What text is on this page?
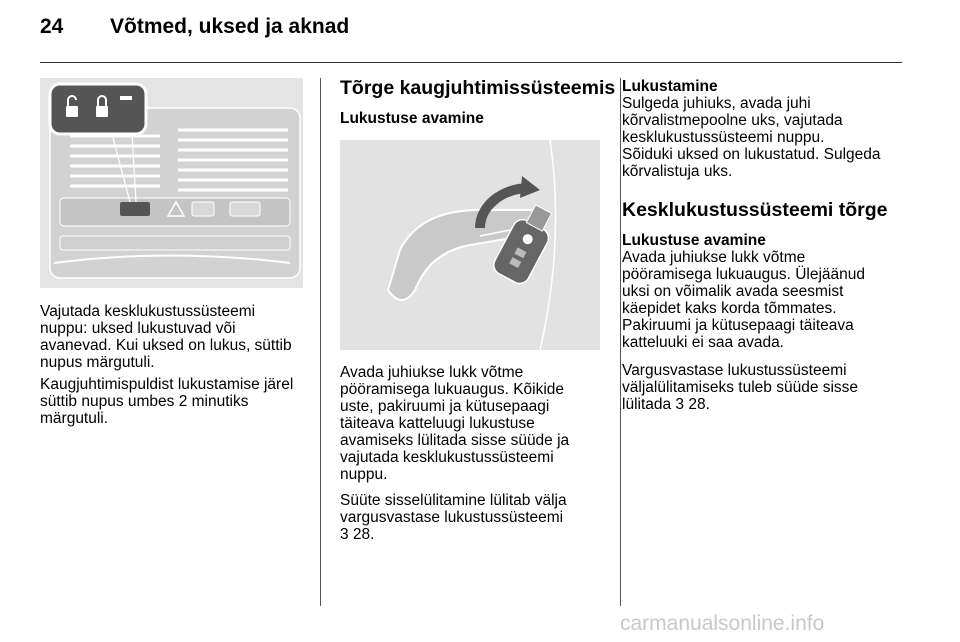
24 Võtmed, uksed ja aknad
Vajutada kesklukustussüsteemi
nuppu: uksed lukustuvad või
avanevad. Kui uksed on lukus, süttib
nupus märgutuli.
Kaugjuhtimispuldist lukustamise järel
süttib nupus umbes 2 minutiks
märgutuli.
Tõrge kaugjuhtimissüsteemis
Lukustuse avamine
Avada juhiukse lukk võtme
pööramisega lukuaugus. Kõikide
uste, pakiruumi ja kütusepaagi
täiteava katteluugi lukustuse
avamiseks lülitada sisse süüde ja
vajutada kesklukustussüsteemi
nuppu.
Süüte sisselülitamine lülitab välja
vargusvastase lukustussüsteemi
3 28.
Lukustamine
Sulgeda juhiuks, avada juhi
kõrvalistmepoolne uks, vajutada
kesklukustussüsteemi nuppu.
Sõiduki uksed on lukustatud. Sulgeda
kõrvalistuja uks.
Kesklukustussüsteemi tõrge
Lukustuse avamine
Avada juhiukse lukk võtme
pööramisega lukuaugus. Ülejäänud
uksi on võimalik avada seesmist
käepidet kaks korda tõmmates.
Pakiruumi ja kütusepaagi täiteava
katteluuki ei saa avada.
Vargusvastase lukustussüsteemi
väljalülitamiseks tuleb süüde sisse
lülitada 3 28.
carmanualsonline.info
